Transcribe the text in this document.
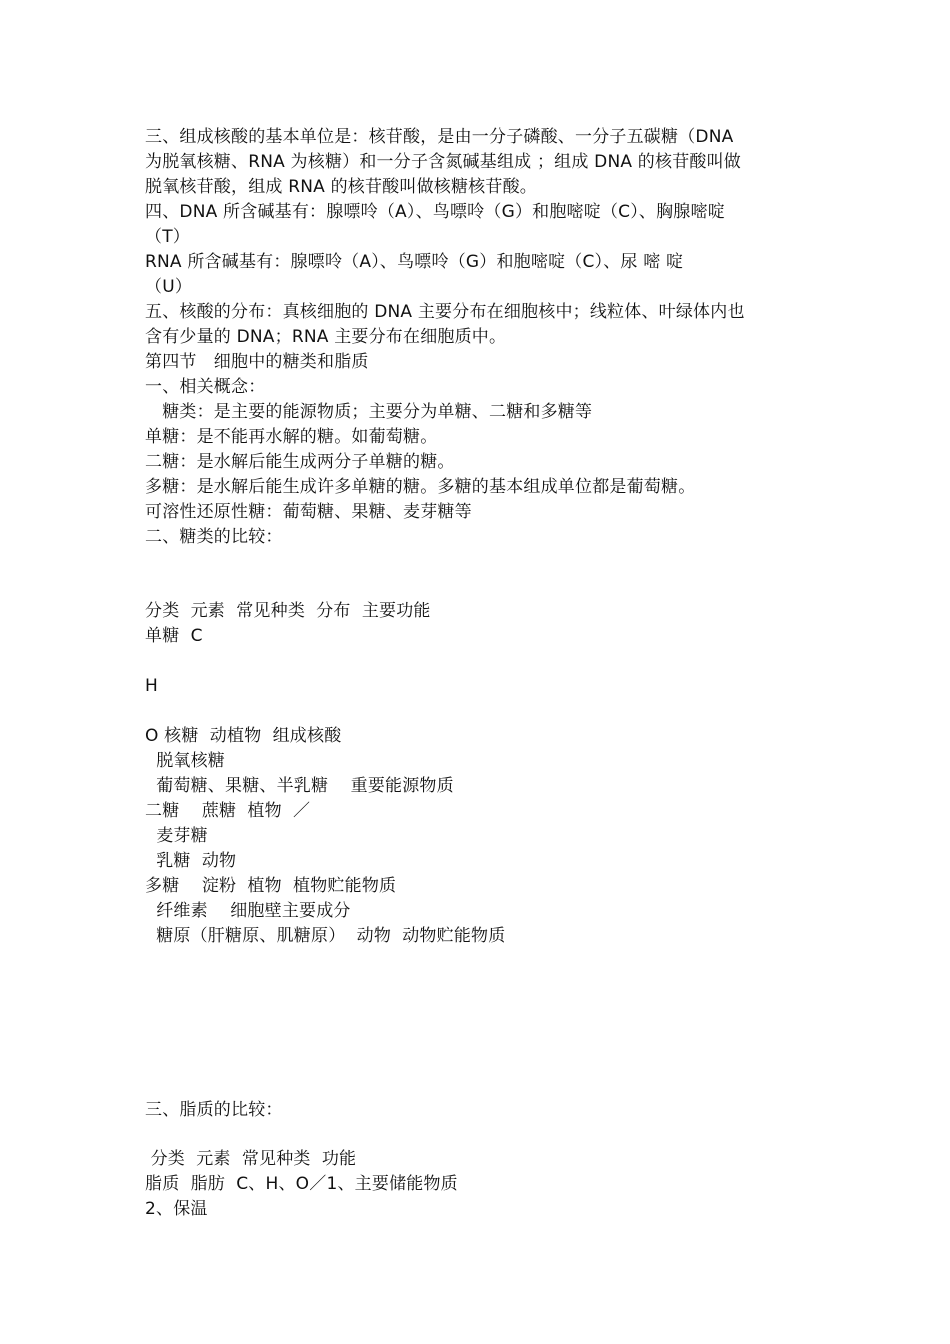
三、组成核酸的基本单位是：核苷酸，是由一分子磷酸、一分子五碳糖（DNA
为脱氧核糖、RNA 为核糖）和一分子含氮碱基组成 ；组成 DNA 的核苷酸叫做
脱氧核苷酸，组成 RNA 的核苷酸叫做核糖核苷酸。
四、DNA 所含碱基有：腺嘌呤（A）、鸟嘌呤（G）和胞嘧啶（C）、胸腺嘧啶
（T）
RNA 所含碱基有：腺嘌呤（A）、鸟嘌呤（G）和胞嘧啶（C）、尿 嘧 啶
（U）
五、核酸的分布：真核细胞的 DNA 主要分布在细胞核中；线粒体、叶绿体内也
含有少量的 DNA；RNA 主要分布在细胞质中。
第四节　细胞中的糖类和脂质
一、相关概念：
　糖类：是主要的能源物质；主要分为单糖、二糖和多糖等
单糖：是不能再水解的糖。如葡萄糖。
二糖：是水解后能生成两分子单糖的糖。
多糖：是水解后能生成许多单糖的糖。多糖的基本组成单位都是葡萄糖。
可溶性还原性糖：葡萄糖、果糖、麦芽糖等
二、糖类的比较：
分类  元素  常见种类  分布  主要功能
单糖  C
H
O 核糖  动植物  组成核酸
脱氧核糖
葡萄糖、果糖、半乳糖    重要能源物质
二糖    蔗糖  植物  ／
麦芽糖
乳糖  动物
多糖    淀粉  植物  植物贮能物质
纤维素    细胞壁主要成分
糖原（肝糖原、肌糖原）  动物  动物贮能物质
三、脂质的比较：
分类  元素  常见种类  功能
脂质  脂肪  C、H、O／1、主要储能物质
2、保温
